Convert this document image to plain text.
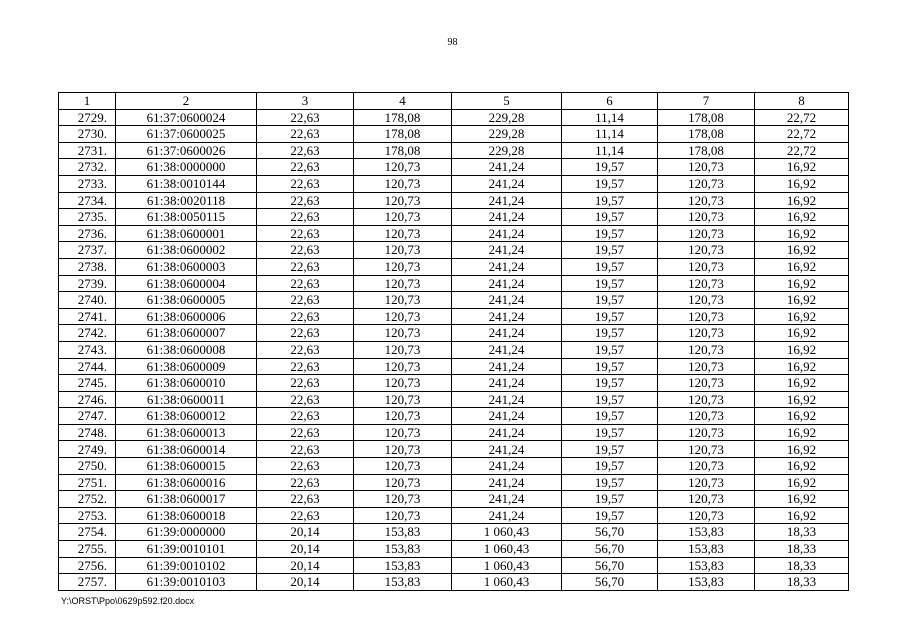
98
1	2	3	4	5	6	7	8
2729.	61:37:0600024	22,63	178,08	229,28	11,14	178,08	22,72
2730.	61:37:0600025	22,63	178,08	229,28	11,14	178,08	22,72
2731.	61:37:0600026	22,63	178,08	229,28	11,14	178,08	22,72
2732.	61:38:0000000	22,63	120,73	241,24	19,57	120,73	16,92
2733.	61:38:0010144	22,63	120,73	241,24	19,57	120,73	16,92
2734.	61:38:0020118	22,63	120,73	241,24	19,57	120,73	16,92
2735.	61:38:0050115	22,63	120,73	241,24	19,57	120,73	16,92
2736.	61:38:0600001	22,63	120,73	241,24	19,57	120,73	16,92
2737.	61:38:0600002	22,63	120,73	241,24	19,57	120,73	16,92
2738.	61:38:0600003	22,63	120,73	241,24	19,57	120,73	16,92
2739.	61:38:0600004	22,63	120,73	241,24	19,57	120,73	16,92
2740.	61:38:0600005	22,63	120,73	241,24	19,57	120,73	16,92
2741.	61:38:0600006	22,63	120,73	241,24	19,57	120,73	16,92
2742.	61:38:0600007	22,63	120,73	241,24	19,57	120,73	16,92
2743.	61:38:0600008	22,63	120,73	241,24	19,57	120,73	16,92
2744.	61:38:0600009	22,63	120,73	241,24	19,57	120,73	16,92
2745.	61:38:0600010	22,63	120,73	241,24	19,57	120,73	16,92
2746.	61:38:0600011	22,63	120,73	241,24	19,57	120,73	16,92
2747.	61:38:0600012	22,63	120,73	241,24	19,57	120,73	16,92
2748.	61:38:0600013	22,63	120,73	241,24	19,57	120,73	16,92
2749.	61:38:0600014	22,63	120,73	241,24	19,57	120,73	16,92
2750.	61:38:0600015	22,63	120,73	241,24	19,57	120,73	16,92
2751.	61:38:0600016	22,63	120,73	241,24	19,57	120,73	16,92
2752.	61:38:0600017	22,63	120,73	241,24	19,57	120,73	16,92
2753.	61:38:0600018	22,63	120,73	241,24	19,57	120,73	16,92
2754.	61:39:0000000	20,14	153,83	1 060,43	56,70	153,83	18,33
2755.	61:39:0010101	20,14	153,83	1 060,43	56,70	153,83	18,33
2756.	61:39:0010102	20,14	153,83	1 060,43	56,70	153,83	18,33
2757.	61:39:0010103	20,14	153,83	1 060,43	56,70	153,83	18,33
Y:\ORST\Ppo\0629p592.f20.docx
